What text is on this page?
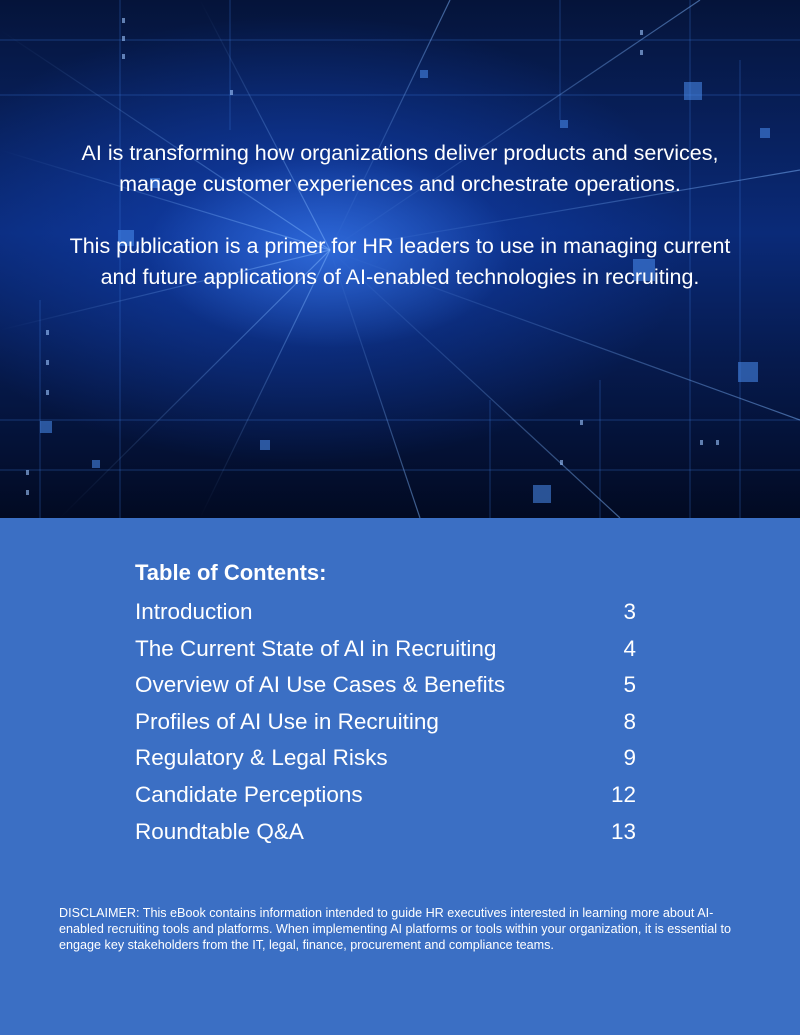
AI is transforming how organizations deliver products and services, manage customer experiences and orchestrate operations.

This publication is a primer for HR leaders to use in managing current and future applications of AI-enabled technologies in recruiting.

Table of Contents:
Introduction	3
The Current State of AI in Recruiting	4
Overview of AI Use Cases & Benefits	5
Profiles of AI Use in Recruiting	8
Regulatory & Legal Risks	9
Candidate Perceptions	12
Roundtable Q&A	13
DISCLAIMER: This eBook contains information intended to guide HR executives interested in learning more about AI-enabled recruiting tools and platforms. When implementing AI platforms or tools within your organization, it is essential to engage key stakeholders from the IT, legal, finance, procurement and compliance teams.
